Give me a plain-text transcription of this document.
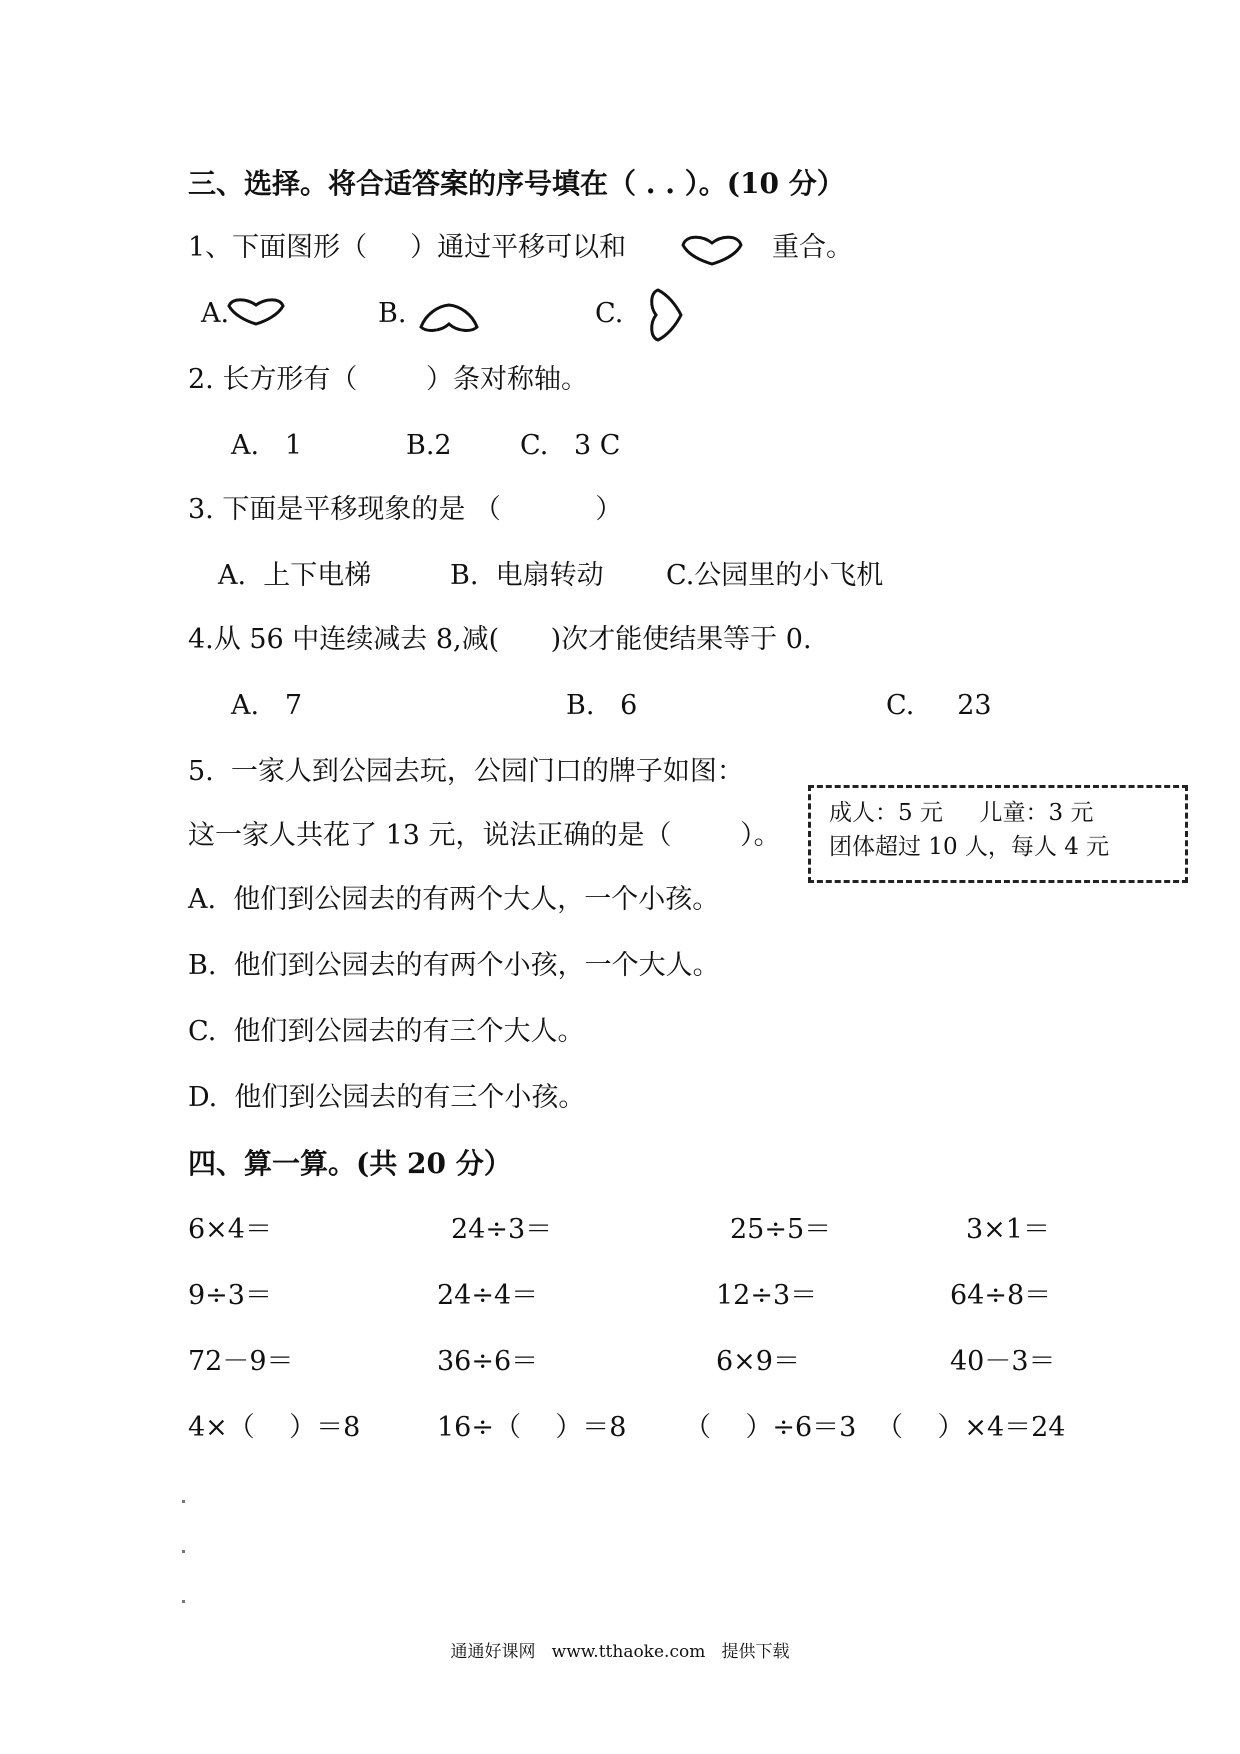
三、选择。将合适答案的序号填在（ . . ）。(10 分）
1、下面图形（     ）通过平移可以和	重合。
A.	B.	C.
2. 长方形有（        ）条对称轴。
A.   1	B.2	C.   3 C
3. 下面是平移现象的是 （           ）
A.  上下电梯	B.  电扇转动 C.公园里的小飞机
4.从 56 中连续减去 8,减(      )次才能使结果等于 0.
A.   7	B.   6	C.     23
5.  一家人到公园去玩，公园门口的牌子如图：
这一家人共花了 13 元，说法正确的是（        ）。
成人：5 元     儿童：3 元
团体超过 10 人，每人 4 元
A.  他们到公园去的有两个大人，一个小孩。
B.  他们到公园去的有两个小孩，一个大人。
C.  他们到公园去的有三个大人。
D.  他们到公园去的有三个小孩。
四、算一算。(共 20 分）
6×4＝	24÷3＝	25÷5＝	3×1＝
9÷3＝	24÷4＝	12÷3＝	64÷8＝
72－9＝	36÷6＝	6×9＝	40－3＝
4×（    ）＝8	16÷（    ）＝8 （    ）÷6＝3 （    ）×4＝24
通通好课网   www.tthaoke.com   提供下载
